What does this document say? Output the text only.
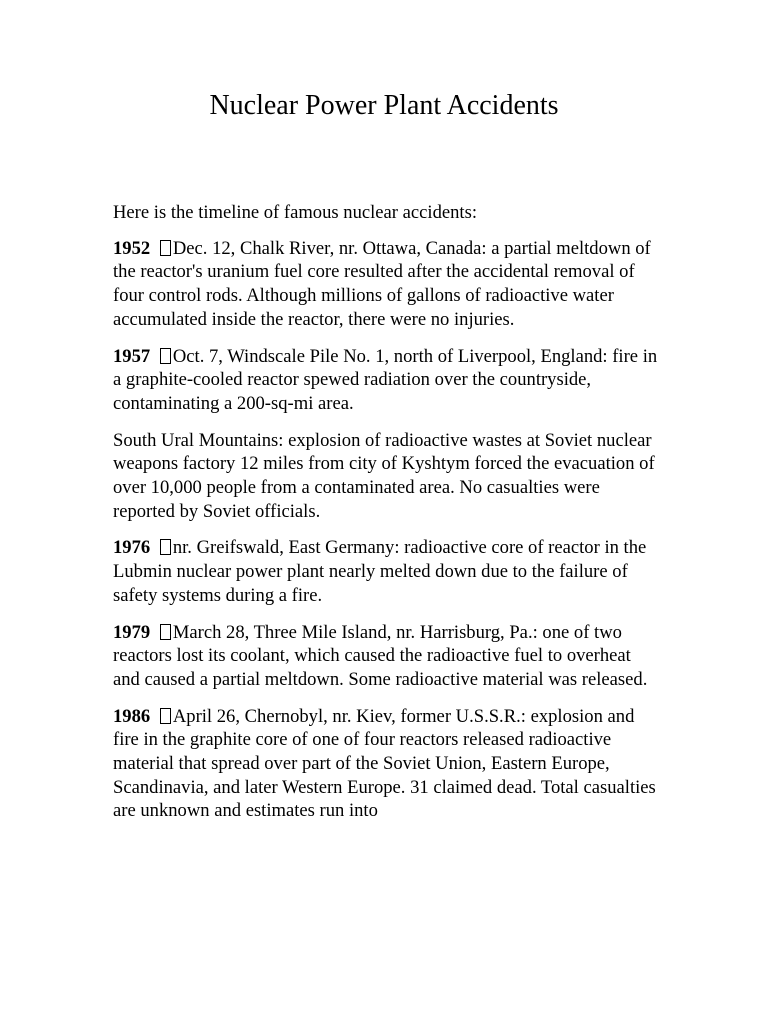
Nuclear Power Plant Accidents

Here is the timeline of famous nuclear accidents:

1952 Dec. 12, Chalk River, nr. Ottawa, Canada: a partial meltdown of the reactor's uranium fuel core resulted after the accidental removal of four control rods. Although millions of gallons of radioactive water accumulated inside the reactor, there were no injuries.

1957 Oct. 7, Windscale Pile No. 1, north of Liverpool, England: fire in a graphite-cooled reactor spewed radiation over the countryside, contaminating a 200-sq-mi area.

South Ural Mountains: explosion of radioactive wastes at Soviet nuclear weapons factory 12 miles from city of Kyshtym forced the evacuation of over 10,000 people from a contaminated area. No casualties were reported by Soviet officials.

1976 nr. Greifswald, East Germany: radioactive core of reactor in the Lubmin nuclear power plant nearly melted down due to the failure of safety systems during a fire.

1979 March 28, Three Mile Island, nr. Harrisburg, Pa.: one of two reactors lost its coolant, which caused the radioactive fuel to overheat and caused a partial meltdown. Some radioactive material was released.

1986 April 26, Chernobyl, nr. Kiev, former U.S.S.R.: explosion and fire in the graphite core of one of four reactors released radioactive material that spread over part of the Soviet Union, Eastern Europe, Scandinavia, and later Western Europe. 31 claimed dead. Total casualties are unknown and estimates run into
